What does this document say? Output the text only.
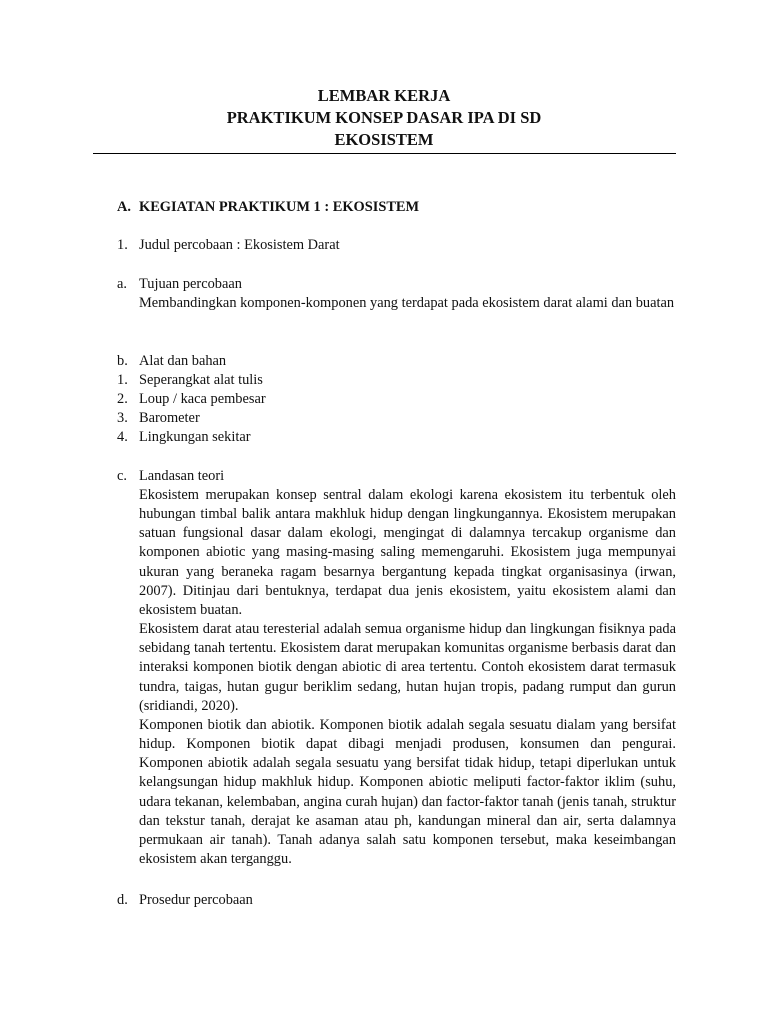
LEMBAR KERJA
PRAKTIKUM KONSEP DASAR IPA DI SD
EKOSISTEM
A. KEGIATAN PRAKTIKUM 1 : EKOSISTEM
1. Judul percobaan : Ekosistem Darat
a. Tujuan percobaan

Membandingkan komponen-komponen yang terdapat pada ekosistem darat alami dan buatan

b. Alat dan bahan
1. Seperangkat alat tulis
2. Loup / kaca pembesar
3. Barometer
4. Lingkungan sekitar
c. Landasan teori

Ekosistem merupakan konsep sentral dalam ekologi karena ekosistem itu terbentuk oleh hubungan timbal balik antara makhluk hidup dengan lingkungannya. Ekosistem merupakan satuan fungsional dasar dalam ekologi, mengingat di dalamnya tercakup organisme dan komponen abiotic yang masing-masing saling memengaruhi. Ekosistem juga mempunyai ukuran yang beraneka ragam besarnya bergantung kepada tingkat organisasinya (irwan, 2007). Ditinjau dari bentuknya, terdapat dua jenis ekosistem, yaitu ekosistem alami dan ekosistem buatan.

Ekosistem darat atau teresterial adalah semua organisme hidup dan lingkungan fisiknya pada sebidang tanah tertentu. Ekosistem darat merupakan komunitas organisme berbasis darat dan interaksi komponen biotik dengan abiotic di area tertentu. Contoh ekosistem darat termasuk tundra, taigas, hutan gugur beriklim sedang, hutan hujan tropis, padang rumput dan gurun (sridiandi, 2020).

Komponen biotik dan abiotik. Komponen biotik adalah segala sesuatu dialam yang bersifat hidup. Komponen biotik dapat dibagi menjadi produsen, konsumen dan pengurai. Komponen abiotik adalah segala sesuatu yang bersifat tidak hidup, tetapi diperlukan untuk kelangsungan hidup makhluk hidup. Komponen abiotic meliputi factor-faktor iklim (suhu, udara tekanan, kelembaban, angina curah hujan) dan factor-faktor tanah (jenis tanah, struktur dan tekstur tanah, derajat ke asaman atau ph, kandungan mineral dan air, serta dalamnya permukaan air tanah). Tanah adanya salah satu komponen tersebut, maka keseimbangan ekosistem akan terganggu.

d. Prosedur percobaan
